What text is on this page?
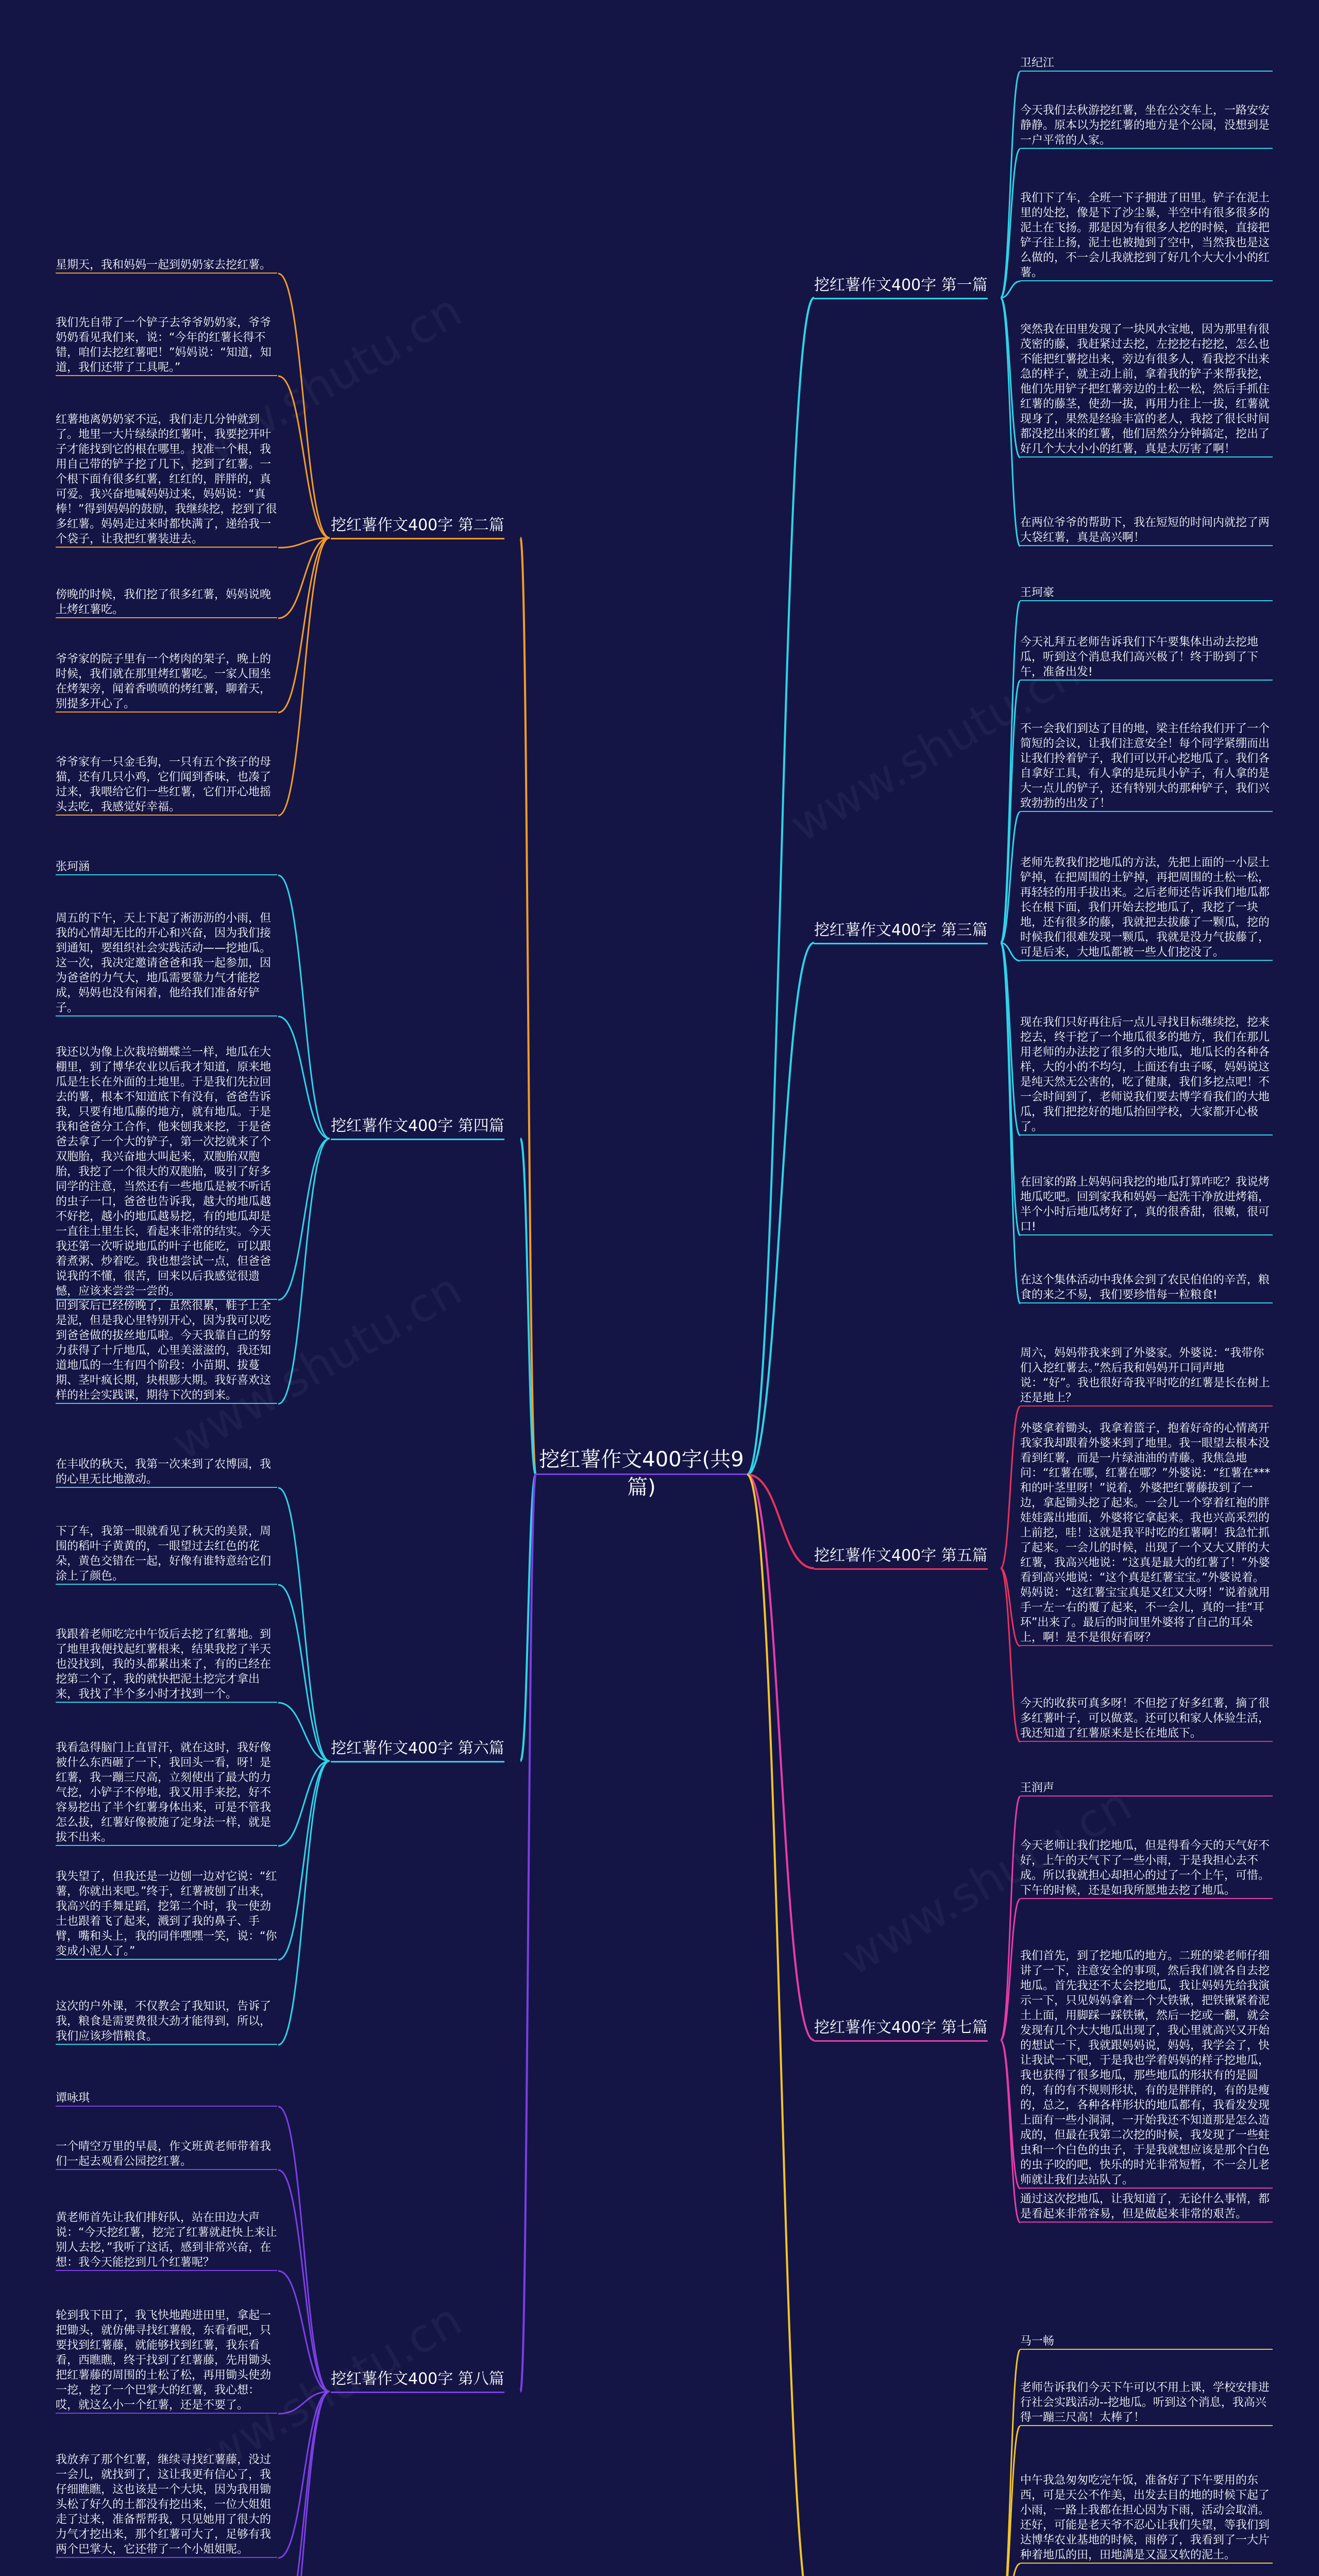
挖红薯作文400字(共9篇)
挖红薯作文400字 第一篇
卫纪江
今天我们去秋游挖红薯，坐在公交车上，一路安安静静。原本以为挖红薯的地方是个公园，没想到是一户平常的人家。
我们下了车，全班一下子拥进了田里。铲子在泥土里的处挖，像是下了沙尘暴，半空中有很多很多的泥土在飞扬。那是因为有很多人挖的时候，直接把铲子往上扬，泥土也被抛到了空中，当然我也是这么做的，不一会儿我就挖到了好几个大大小小的红薯。
突然我在田里发现了一块风水宝地，因为那里有很茂密的藤，我赶紧过去挖，左挖挖右挖挖，怎么也不能把红薯挖出来，旁边有很多人，看我挖不出来急的样子，就主动上前，拿着我的铲子来帮我挖，他们先用铲子把红薯旁边的土松一松，然后手抓住红薯的藤茎，使劲一拔，再用力往上一拔，红薯就现身了，果然是经验丰富的老人，我挖了很长时间都没挖出来的红薯，他们居然分分钟搞定，挖出了好几个大大小小的红薯，真是太厉害了啊！
在两位爷爷的帮助下，我在短短的时间内就挖了两大袋红薯，真是高兴啊！
挖红薯作文400字 第二篇
星期天，我和妈妈一起到奶奶家去挖红薯。
我们先自带了一个铲子去爷爷奶奶家，爷爷奶奶看见我们来，说：“今年的红薯长得不错，咱们去挖红薯吧！”妈妈说：“知道，知道，我们还带了工具呢。”
红薯地离奶奶家不远，我们走几分钟就到了。地里一大片绿绿的红薯叶，我要挖开叶子才能找到它的根在哪里。找准一个根，我用自己带的铲子挖了几下，挖到了红薯。一个根下面有很多红薯，红红的，胖胖的，真可爱。我兴奋地喊妈妈过来，妈妈说：“真棒！”得到妈妈的鼓励，我继续挖，挖到了很多红薯。妈妈走过来时都快满了，递给我一个袋子，让我把红薯装进去。
傍晚的时候，我们挖了很多红薯，妈妈说晚上烤红薯吃。
爷爷家的院子里有一个烤肉的架子，晚上的时候，我们就在那里烤红薯吃。一家人围坐在烤架旁，闻着香喷喷的烤红薯，聊着天，别提多开心了。
爷爷家有一只金毛狗，一只有五个孩子的母猫，还有几只小鸡，它们闻到香味，也凑了过来，我喂给它们一些红薯，它们开心地摇头去吃，我感觉好幸福。
挖红薯作文400字 第三篇
王珂豪
今天礼拜五老师告诉我们下午要集体出动去挖地瓜，听到这个消息我们高兴极了！终于盼到了下午，准备出发!
不一会我们到达了目的地，梁主任给我们开了一个简短的会议，让我们注意安全！每个同学紧绷而出让我们拎着铲子，我们可以开心挖地瓜了。我们各自拿好工具，有人拿的是玩具小铲子，有人拿的是大一点儿的铲子，还有特别大的那种铲子，我们兴致勃勃的出发了！
老师先教我们挖地瓜的方法，先把上面的一小层土铲掉，在把周围的土铲掉，再把周围的土松一松，再轻轻的用手拔出来。之后老师还告诉我们地瓜都长在根下面，我们开始去挖地瓜了，我挖了一块地，还有很多的藤，我就把去拔藤了一颗瓜，挖的时候我们很难发现一颗瓜，我就是没力气拔藤了，可是后来，大地瓜都被一些人们挖没了。
现在我们只好再往后一点儿寻找目标继续挖，挖来挖去，终于挖了一个地瓜很多的地方，我们在那儿用老师的办法挖了很多的大地瓜，地瓜长的各种各样，大的小的不均匀，上面还有虫子啄，妈妈说这是纯天然无公害的，吃了健康，我们多挖点吧！不一会时间到了，老师说我们要去博学看我们的大地瓜，我们把挖好的地瓜抬回学校，大家都开心极了。
在回家的路上妈妈问我挖的地瓜打算咋吃？我说烤地瓜吃吧。回到家我和妈妈一起洗干净放进烤箱，半个小时后地瓜烤好了，真的很香甜，很嫩，很可口!
在这个集体活动中我体会到了农民伯伯的辛苦，粮食的来之不易，我们要珍惜每一粒粮食!
挖红薯作文400字 第四篇
张珂涵
周五的下午，天上下起了淅沥沥的小雨，但我的心情却无比的开心和兴奋，因为我们接到通知，要组织社会实践活动——挖地瓜。这一次，我决定邀请爸爸和我一起参加，因为爸爸的力气大，地瓜需要靠力气才能挖成，妈妈也没有闲着，他给我们准备好铲子。
我还以为像上次栽培蝴蝶兰一样，地瓜在大棚里，到了博华农业以后我才知道，原来地瓜是生长在外面的土地里。于是我们先拉回去的薯，根本不知道底下有没有，爸爸告诉我，只要有地瓜藤的地方，就有地瓜。于是我和爸爸分工合作，他来刨我来挖，于是爸爸去拿了一个大的铲子，第一次挖就来了个双胞胎，我兴奋地大叫起来，双胞胎双胞胎，我挖了一个很大的双胞胎，吸引了好多同学的注意，当然还有一些地瓜是被不听话的虫子一口，爸爸也告诉我，越大的地瓜越不好挖，越小的地瓜越易挖，有的地瓜却是一直往土里生长，看起来非常的结实。今天我还第一次听说地瓜的叶子也能吃，可以跟着煮粥、炒着吃。我也想尝试一点，但爸爸说我的不懂，很苦，回来以后我感觉很遗憾，应该来尝尝一尝的。
回到家后已经傍晚了，虽然很累，鞋子上全是泥，但是我心里特别开心，因为我可以吃到爸爸做的拔丝地瓜啦。今天我靠自己的努力获得了十斤地瓜，心里美滋滋的，我还知道地瓜的一生有四个阶段：小苗期、拔蔓期、茎叶疯长期，块根膨大期。我好喜欢这样的社会实践课，期待下次的到来。
挖红薯作文400字 第五篇
周六，妈妈带我来到了外婆家。外婆说：“我带你们入挖红薯去。”然后我和妈妈开口同声地说：“好”。我也很好奇我平时吃的红薯是长在树上还是地上？
外婆拿着锄头，我拿着篮子，抱着好奇的心情离开我家我却跟着外婆来到了地里。我一眼望去根本没看到红薯，而是一片绿油油的青藤。我焦急地问：“红薯在哪，红薯在哪？”外婆说：“红薯在***和的叶茎里呀！”说着，外婆把红薯藤拔到了一边，拿起锄头挖了起来。一会儿一个穿着红袍的胖娃娃露出地面，外婆将它拿起来。我也兴高采烈的上前挖，哇！这就是我平时吃的红薯啊！我急忙抓了起来。一会儿的时候，出现了一个又大又胖的大红薯，我高兴地说：“这真是最大的红薯了！”外婆看到高兴地说：“这个真是红薯宝宝。”外婆说着。妈妈说：“这红薯宝宝真是又红又大呀！”说着就用手一左一右的覆了起来，不一会儿，真的一挂“耳环”出来了。最后的时间里外婆将了自己的耳朵上，啊！是不是很好看呀？
今天的收获可真多呀！不但挖了好多红薯，摘了很多红薯叶子，可以做菜。还可以和家人体验生活，我还知道了红薯原来是长在地底下。
挖红薯作文400字 第六篇
在丰收的秋天，我第一次来到了农博园，我的心里无比地激动。
下了车，我第一眼就看见了秋天的美景，周围的稻叶子黄黄的，一眼望过去红色的花朵，黄色交错在一起，好像有谁特意给它们涂上了颜色。
我跟着老师吃完中午饭后去挖了红薯地。到了地里我便找起红薯根来，结果我挖了半天也没找到，我的头都累出来了，有的已经在挖第二个了，我的就快把泥土挖完才拿出来，我找了半个多小时才找到一个。
我看急得脑门上直冒汗，就在这时，我好像被什么东西砸了一下，我回头一看，呀！是红薯，我一蹦三尺高，立刻使出了最大的力气挖，小铲子不停地，我又用手来挖，好不容易挖出了半个红薯身体出来，可是不管我怎么拔，红薯好像被施了定身法一样，就是拔不出来。
我失望了，但我还是一边刨一边对它说：“红薯，你就出来吧。”终于，红薯被刨了出来，我高兴的手舞足蹈，挖第二个时，我一使劲土也跟着飞了起来，溅到了我的鼻子、手臂，嘴和头上，我的同伴嘿嘿一笑，说：“你变成小泥人了。”
这次的户外课，不仅教会了我知识，告诉了我，粮食是需要费很大劲才能得到，所以，我们应该珍惜粮食。	挖红薯作文400字 第七篇
王润声
今天老师让我们挖地瓜，但是得看今天的天气好不好，上午的天气下了一些小雨，于是我担心去不成。所以我就担心却担心的过了一个上午，可惜。下午的时候，还是如我所愿地去挖了地瓜。
我们首先，到了挖地瓜的地方。二班的梁老师仔细讲了一下，注意安全的事项，然后我们就各自去挖地瓜。首先我还不太会挖地瓜，我让妈妈先给我演示一下，只见妈妈拿着一个大铁锹，把铁锹紧着泥土上面，用脚踩一踩铁锹，然后一挖或一翻，就会发现有几个大大地瓜出现了，我心里就高兴又开始的想试一下，我就跟妈妈说，妈妈，我学会了，快让我试一下吧，于是我也学着妈妈的样子挖地瓜，我也获得了很多地瓜，那些地瓜的形状有的是圆的，有的有不规则形状，有的是胖胖的，有的是瘦的，总之，各种各样形状的地瓜都有，我看发发现上面有一些小洞洞，一开始我还不知道那是怎么造成的，但最在我第二次挖的时候，我发现了一些蛀虫和一个白色的虫子，于是我就想应该是那个白色的虫子咬的吧，快乐的时光非常短暂，不一会儿老师就让我们去站队了。
通过这次挖地瓜，让我知道了，无论什么事情，都是看起来非常容易，但是做起来非常的艰苦。
挖红薯作文400字 第八篇
谭咏琪
一个晴空万里的早晨，作文班黄老师带着我们一起去观看公园挖红薯。
黄老师首先让我们排好队，站在田边大声说：“今天挖红薯，挖完了红薯就赶快上来让别人去挖，”我听了这话，感到非常兴奋，在想：我今天能挖到几个红薯呢？
轮到我下田了，我飞快地跑进田里，拿起一把锄头，就仿佛寻找红薯般，东看看吧，只要找到红薯藤，就能够找到红薯，我东看看，西瞧瞧，终于找到了红薯藤，先用锄头把红薯藤的周围的土松了松，再用锄头使劲一挖，挖了一个巴掌大的红薯，我心想：哎，就这么小一个红薯，还是不要了。
我放弃了那个红薯，继续寻找红薯藤，没过一会儿，就找到了，这让我更有信心了，我仔细瞧瞧，这也该是一个大块，因为我用锄头松了好久的土都没有挖出来，一位大姐姐走了过来，准备帮帮我，只见她用了很大的力气才挖出来，那个红薯可大了，足够有我两个巴掌大，它还带了一个小姐姐呢。
马一畅
老师告诉我们今天下午可以不用上课，学校安排进行社会实践活动--挖地瓜。听到这个消息，我高兴得一蹦三尺高！太棒了！
中午我急匆匆吃完午饭，准备好了下午要用的东西，可是天公不作美，出发去目的地的时候下起了小雨，一路上我都在担心因为下雨，活动会取消。还好，可能是老天爷不忍心让我们失望，等我们到达博华农业基地的时候，雨停了，我看到了一大片种着地瓜的田，田地满是又湿又软的泥土。
